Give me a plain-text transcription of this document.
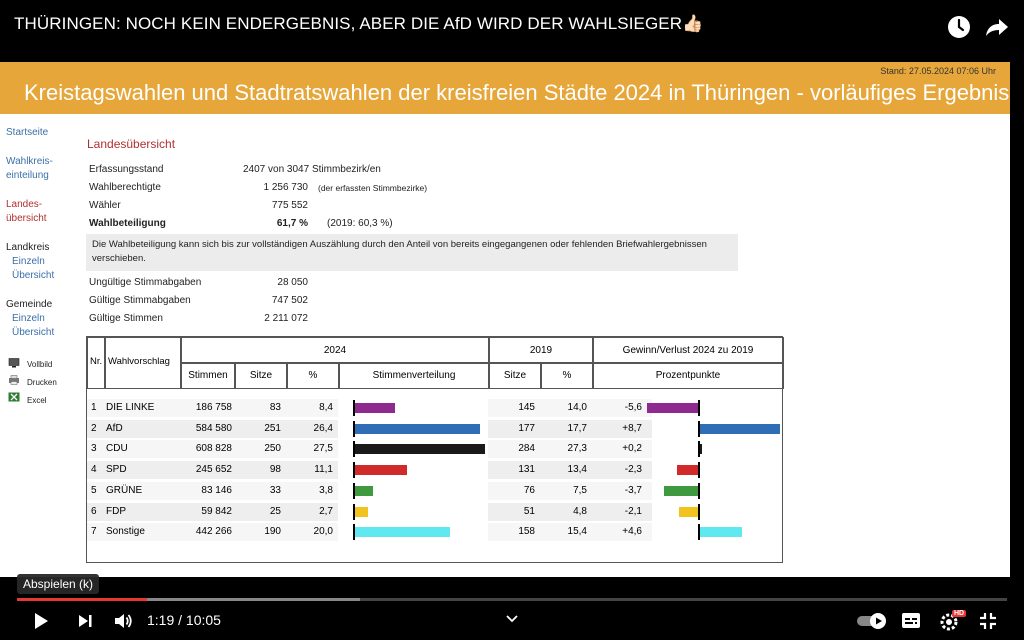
THÜRINGEN: NOCH KEIN ENDERGEBNIS, ABER DIE AfD WIRD DER WAHLSIEGER👍🏻
Stand: 27.05.2024 07:06 Uhr
Kreistagswahlen und Stadtratswahlen der kreisfreien Städte 2024 in Thüringen - vorläufiges Ergebnis
Startseite
Wahlkreis-
einteilung
Landes-
übersicht
Landkreis
Einzeln
Übersicht
Gemeinde
Einzeln
Übersicht
Vollbild
Drucken
Excel
Landesübersicht
Erfassungsstand	2407 von 3047 Stimmbezirk/en
Wahlberechtigte	1 256 730 (der erfassten Stimmbezirke)
Wähler	775 552
Wahlbeteiligung	61,7 % (2019: 60,3 %)
Die Wahlbeteiligung kann sich bis zur vollständigen Auszählung durch den Anteil von bereits eingegangenen oder fehlenden Briefwahlergebnissen verschieben.
Ungültige Stimmabgaben	28 050
Gültige Stimmabgaben	747 502
Gültige Stimmen	2 211 072
Nr. Wahlvorschlag
2024	2019	Gewinn/Verlust 2024 zu 2019
Stimmen	Sitze	%	Stimmenverteilung	Sitze	%	Prozentpunkte
1 DIE LINKE	186 758	83	8,4	145	14,0	-5,6
2 AfD	584 580	251	26,4	177	17,7	+8,7
3 CDU	608 828	250	27,5	284	27,3	+0,2
4 SPD	245 652	98	11,1	131	13,4	-2,3
5 GRÜNE	83 146	33	3,8	76	7,5	-3,7
6 FDP	59 842	25	2,7	51	4,8	-2,1
7 Sonstige	442 266	190	20,0	158	15,4	+4,6
Abspielen (k)
1:19 / 10:05	HD
